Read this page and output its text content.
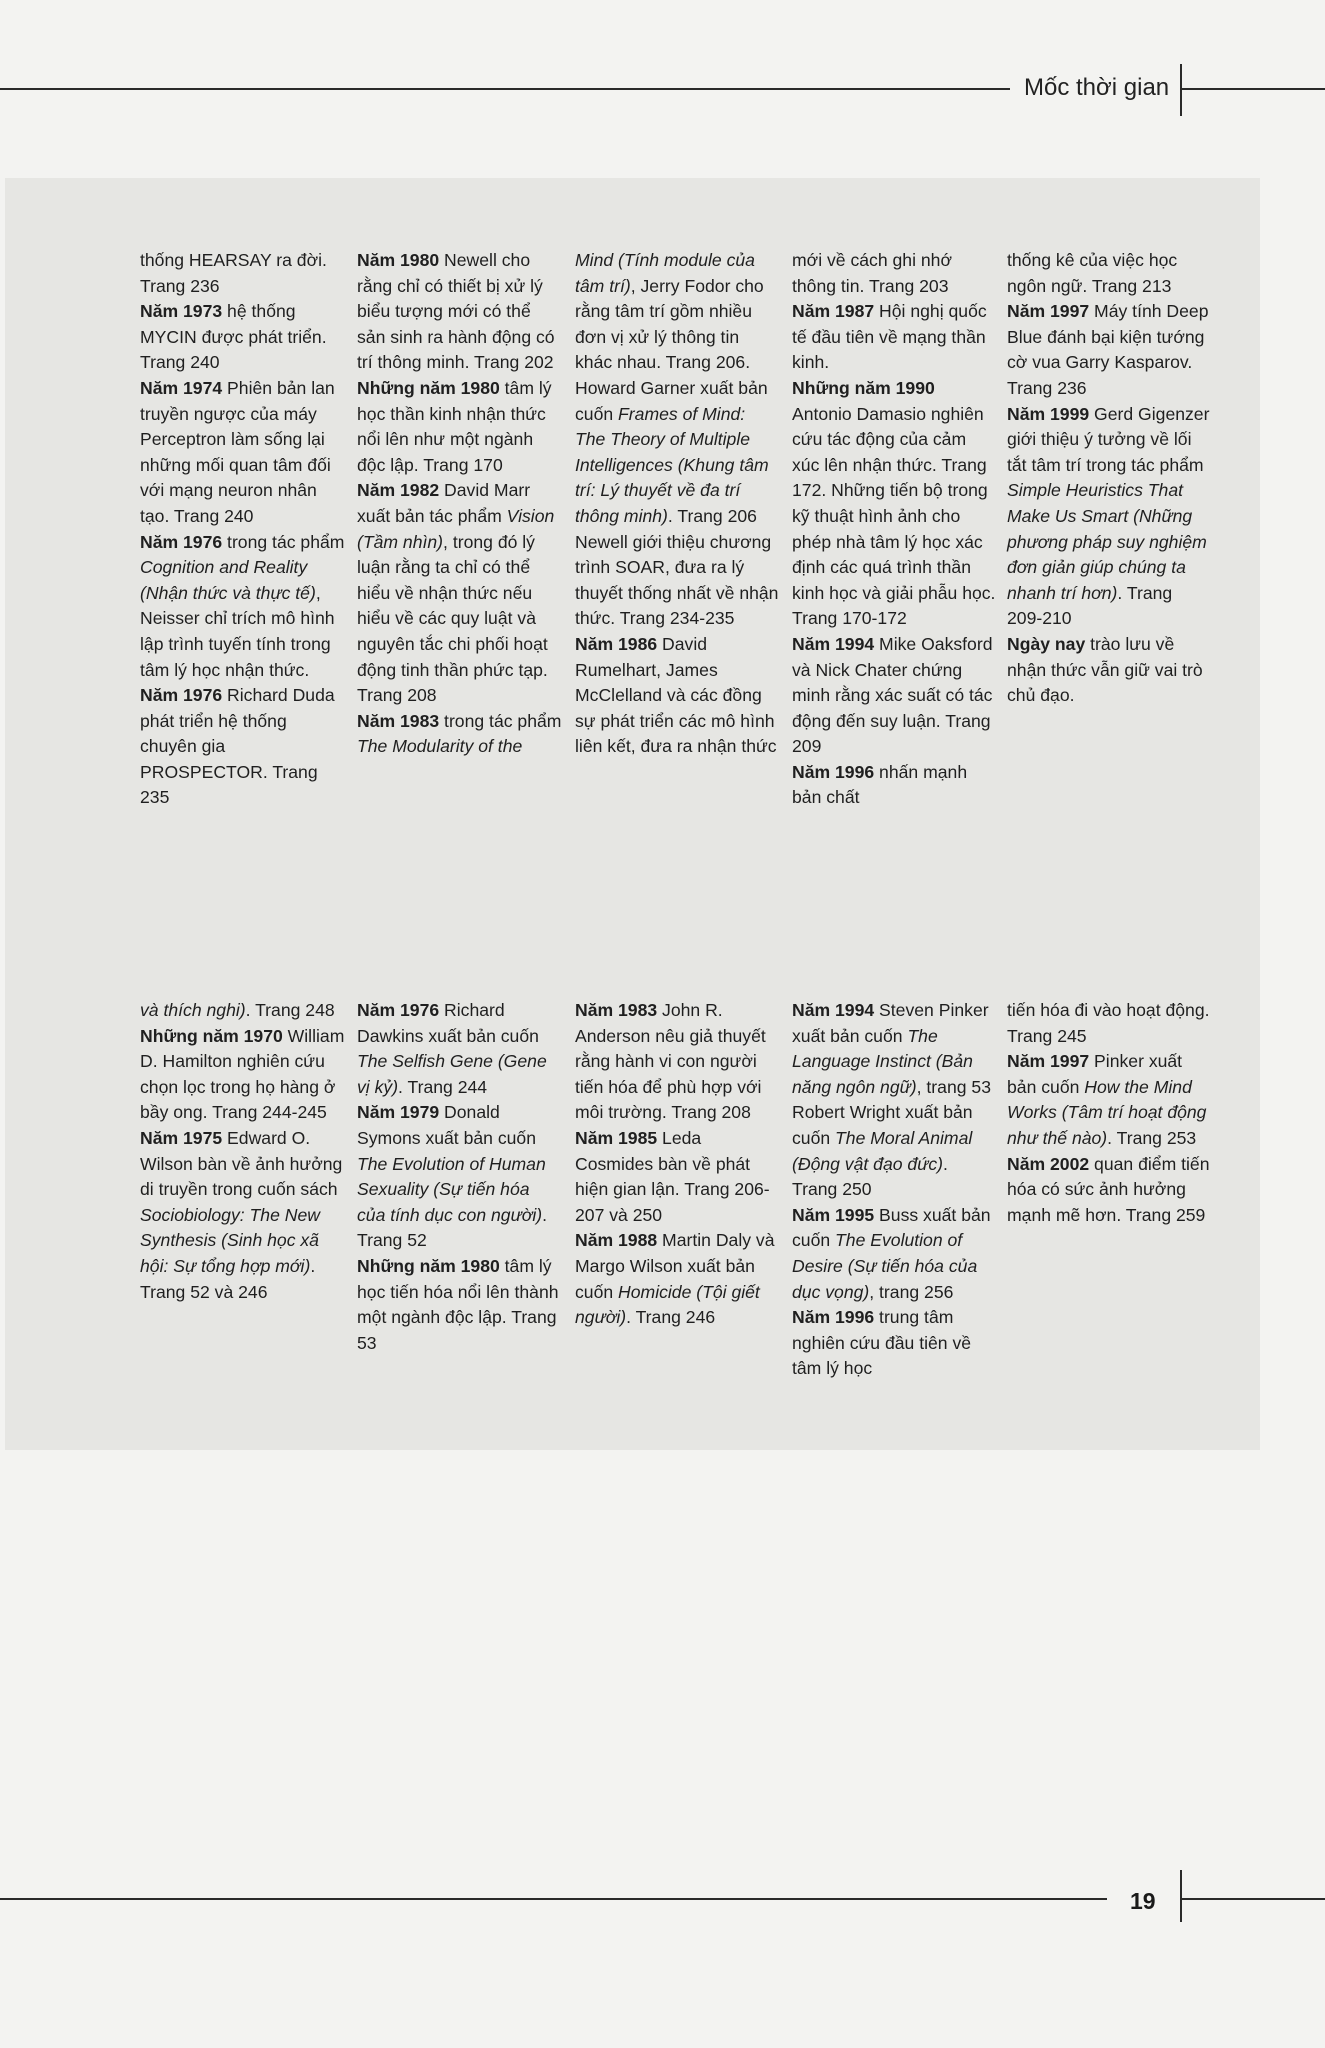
Mốc thời gian
thống HEARSAY ra đời. Trang 236
Năm 1973 hệ thống MYCIN được phát triển. Trang 240
Năm 1974 Phiên bản lan truyền ngược của máy Perceptron làm sống lại những mối quan tâm đối với mạng neuron nhân tạo. Trang 240
Năm 1976 trong tác phẩm Cognition and Reality (Nhận thức và thực tế), Neisser chỉ trích mô hình lập trình tuyến tính trong tâm lý học nhận thức.
Năm 1976 Richard Duda phát triển hệ thống chuyên gia PROSPECTOR. Trang 235
Năm 1980 Newell cho rằng chỉ có thiết bị xử lý biểu tượng mới có thể sản sinh ra hành động có trí thông minh. Trang 202
Những năm 1980 tâm lý học thần kinh nhận thức nổi lên như một ngành độc lập. Trang 170
Năm 1982 David Marr xuất bản tác phẩm Vision (Tầm nhìn), trong đó lý luận rằng ta chỉ có thể hiểu về nhận thức nếu hiểu về các quy luật và nguyên tắc chi phối hoạt động tinh thần phức tạp. Trang 208
Năm 1983 trong tác phẩm The Modularity of the
Mind (Tính module của tâm trí), Jerry Fodor cho rằng tâm trí gồm nhiều đơn vị xử lý thông tin khác nhau. Trang 206.
Howard Garner xuất bản cuốn Frames of Mind: The Theory of Multiple Intelligences (Khung tâm trí: Lý thuyết về đa trí thông minh). Trang 206
Newell giới thiệu chương trình SOAR, đưa ra lý thuyết thống nhất về nhận thức. Trang 234-235
Năm 1986 David Rumelhart, James McClelland và các đồng sự phát triển các mô hình liên kết, đưa ra nhận thức
mới về cách ghi nhớ thông tin. Trang 203
Năm 1987 Hội nghị quốc tế đầu tiên về mạng thần kinh.
Những năm 1990 Antonio Damasio nghiên cứu tác động của cảm xúc lên nhận thức. Trang 172. Những tiến bộ trong kỹ thuật hình ảnh cho phép nhà tâm lý học xác định các quá trình thần kinh học và giải phẫu học. Trang 170-172
Năm 1994 Mike Oaksford và Nick Chater chứng minh rằng xác suất có tác động đến suy luận. Trang 209
Năm 1996 nhấn mạnh bản chất
thống kê của việc học ngôn ngữ. Trang 213
Năm 1997 Máy tính Deep Blue đánh bại kiện tướng cờ vua Garry Kasparov. Trang 236
Năm 1999 Gerd Gigenzer giới thiệu ý tưởng về lối tắt tâm trí trong tác phẩm Simple Heuristics That Make Us Smart (Những phương pháp suy nghiệm đơn giản giúp chúng ta nhanh trí hơn). Trang 209-210
Ngày nay trào lưu về nhận thức vẫn giữ vai trò chủ đạo.
và thích nghi). Trang 248
Những năm 1970 William D. Hamilton nghiên cứu chọn lọc trong họ hàng ở bầy ong. Trang 244-245
Năm 1975 Edward O. Wilson bàn về ảnh hưởng di truyền trong cuốn sách Sociobiology: The New Synthesis (Sinh học xã hội: Sự tổng hợp mới). Trang 52 và 246
Năm 1976 Richard Dawkins xuất bản cuốn The Selfish Gene (Gene vị kỷ). Trang 244
Năm 1979 Donald Symons xuất bản cuốn The Evolution of Human Sexuality (Sự tiến hóa của tính dục con người). Trang 52
Những năm 1980 tâm lý học tiến hóa nổi lên thành một ngành độc lập. Trang 53
Năm 1983 John R. Anderson nêu giả thuyết rằng hành vi con người tiến hóa để phù hợp với môi trường. Trang 208
Năm 1985 Leda Cosmides bàn về phát hiện gian lận. Trang 206-207 và 250
Năm 1988 Martin Daly và Margo Wilson xuất bản cuốn Homicide (Tội giết người). Trang 246
Năm 1994 Steven Pinker xuất bản cuốn The Language Instinct (Bản năng ngôn ngữ), trang 53 Robert Wright xuất bản cuốn The Moral Animal (Động vật đạo đức). Trang 250
Năm 1995 Buss xuất bản cuốn The Evolution of Desire (Sự tiến hóa của dục vọng), trang 256
Năm 1996 trung tâm nghiên cứu đầu tiên về tâm lý học
tiến hóa đi vào hoạt động. Trang 245
Năm 1997 Pinker xuất bản cuốn How the Mind Works (Tâm trí hoạt động như thế nào). Trang 253
Năm 2002 quan điểm tiến hóa có sức ảnh hưởng mạnh mẽ hơn. Trang 259
19
